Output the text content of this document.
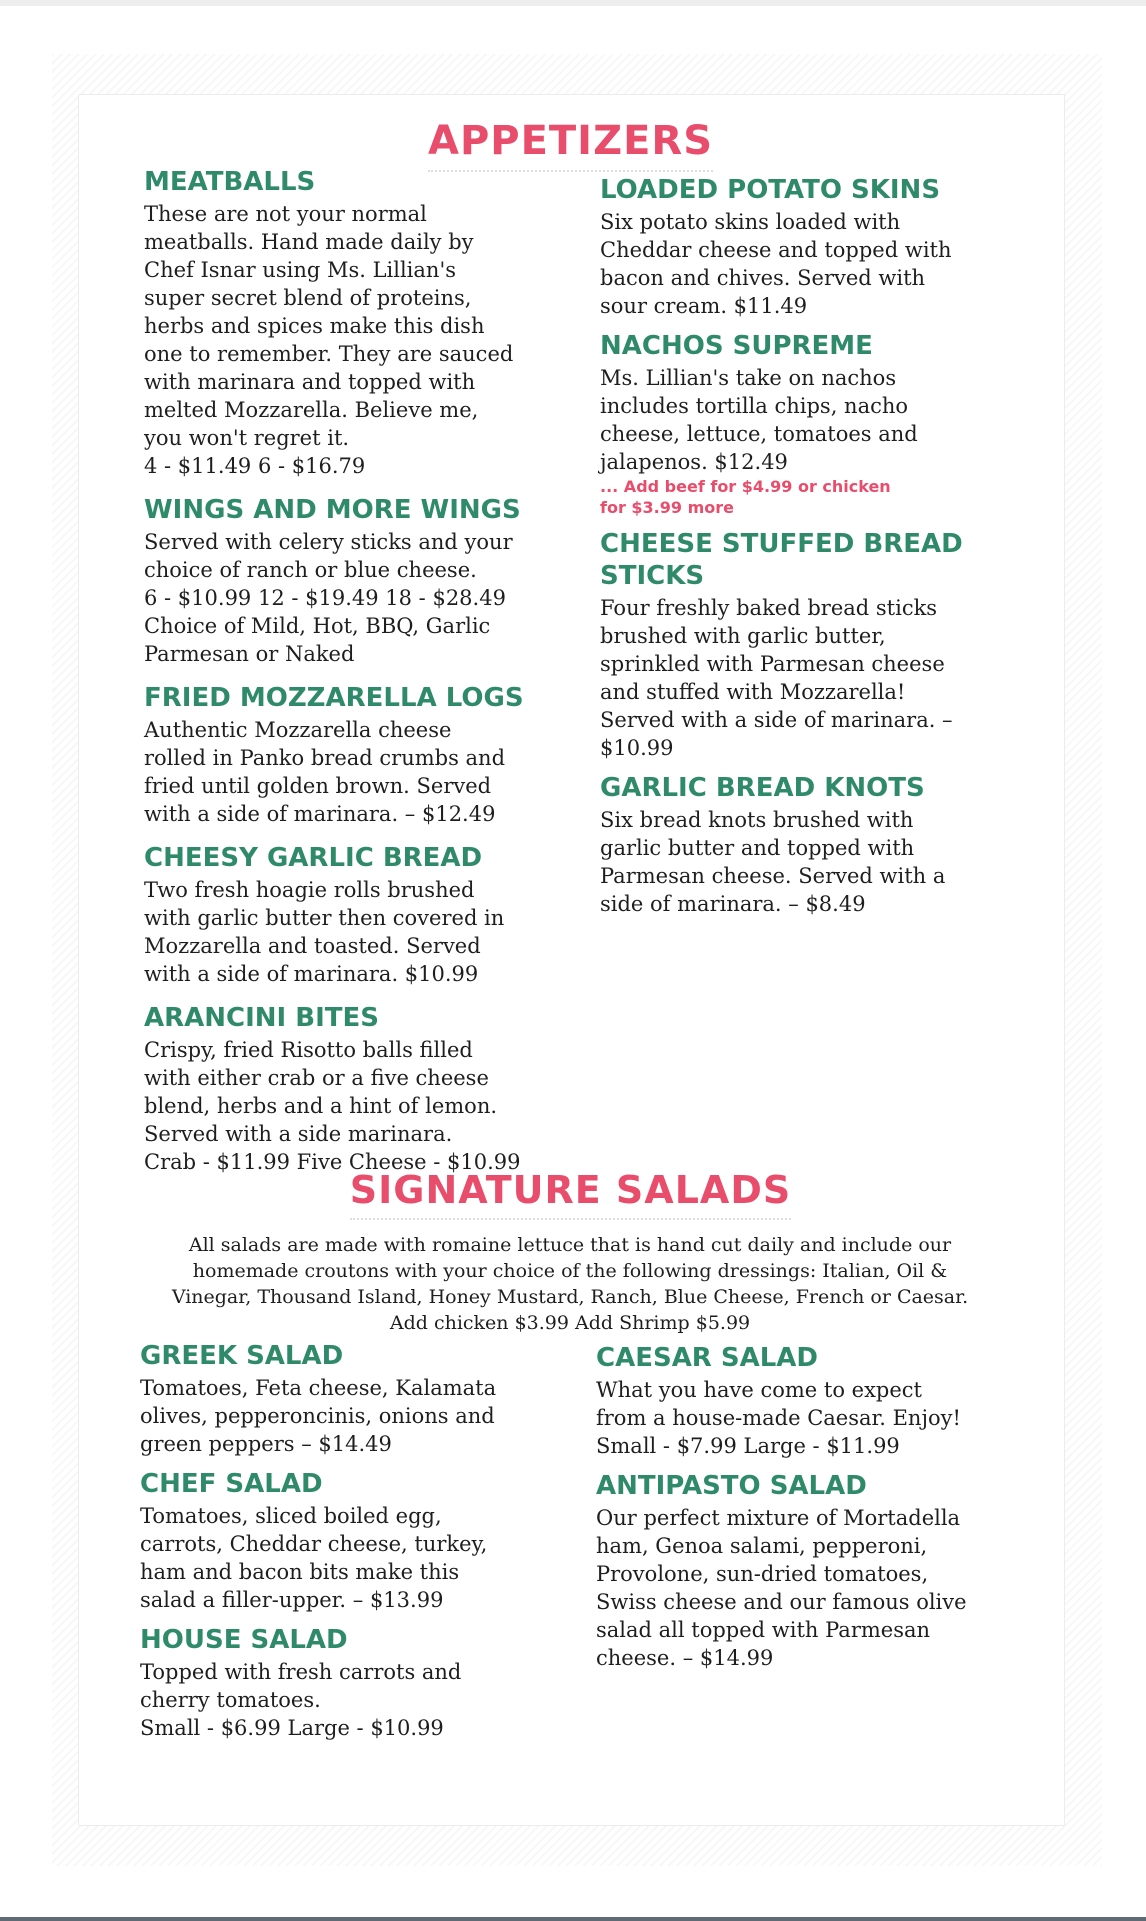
APPETIZERS

MEATBALLS

These are not your normal
meatballs. Hand made daily by
Chef Isnar using Ms. Lillian's
super secret blend of proteins,
herbs and spices make this dish
one to remember. They are sauced
with marinara and topped with
melted Mozzarella. Believe me,
you won't regret it.
4 - $11.49 6 - $16.79

WINGS AND MORE WINGS

Served with celery sticks and your
choice of ranch or blue cheese.
6 - $10.99 12 - $19.49 18 - $28.49
Choice of Mild, Hot, BBQ, Garlic
Parmesan or Naked

FRIED MOZZARELLA LOGS

Authentic Mozzarella cheese
rolled in Panko bread crumbs and
fried until golden brown. Served
with a side of marinara. – $12.49

CHEESY GARLIC BREAD

Two fresh hoagie rolls brushed
with garlic butter then covered in
Mozzarella and toasted. Served
with a side of marinara. $10.99

ARANCINI BITES

Crispy, fried Risotto balls filled
with either crab or a five cheese
blend, herbs and a hint of lemon.
Served with a side marinara.
Crab - $11.99 Five Cheese - $10.99

LOADED POTATO SKINS

Six potato skins loaded with
Cheddar cheese and topped with
bacon and chives. Served with
sour cream. $11.49

NACHOS SUPREME

Ms. Lillian's take on nachos
includes tortilla chips, nacho
cheese, lettuce, tomatoes and
jalapenos. $12.49

... Add beef for $4.99 or chicken
for $3.99 more

CHEESE STUFFED BREAD
STICKS

Four freshly baked bread sticks
brushed with garlic butter,
sprinkled with Parmesan cheese
and stuffed with Mozzarella!
Served with a side of marinara. –
$10.99

GARLIC BREAD KNOTS

Six bread knots brushed with
garlic butter and topped with
Parmesan cheese. Served with a
side of marinara. – $8.49

SIGNATURE SALADS

All salads are made with romaine lettuce that is hand cut daily and include our
homemade croutons with your choice of the following dressings: Italian, Oil &
Vinegar, Thousand Island, Honey Mustard, Ranch, Blue Cheese, French or Caesar.
Add chicken $3.99 Add Shrimp $5.99

GREEK SALAD

Tomatoes, Feta cheese, Kalamata
olives, pepperoncinis, onions and
green peppers – $14.49

CHEF SALAD

Tomatoes, sliced boiled egg,
carrots, Cheddar cheese, turkey,
ham and bacon bits make this
salad a filler-upper. – $13.99

HOUSE SALAD

Topped with fresh carrots and
cherry tomatoes.
Small - $6.99 Large - $10.99

CAESAR SALAD

What you have come to expect
from a house-made Caesar. Enjoy!
Small - $7.99 Large - $11.99

ANTIPASTO SALAD

Our perfect mixture of Mortadella
ham, Genoa salami, pepperoni,
Provolone, sun-dried tomatoes,
Swiss cheese and our famous olive
salad all topped with Parmesan
cheese. – $14.99
